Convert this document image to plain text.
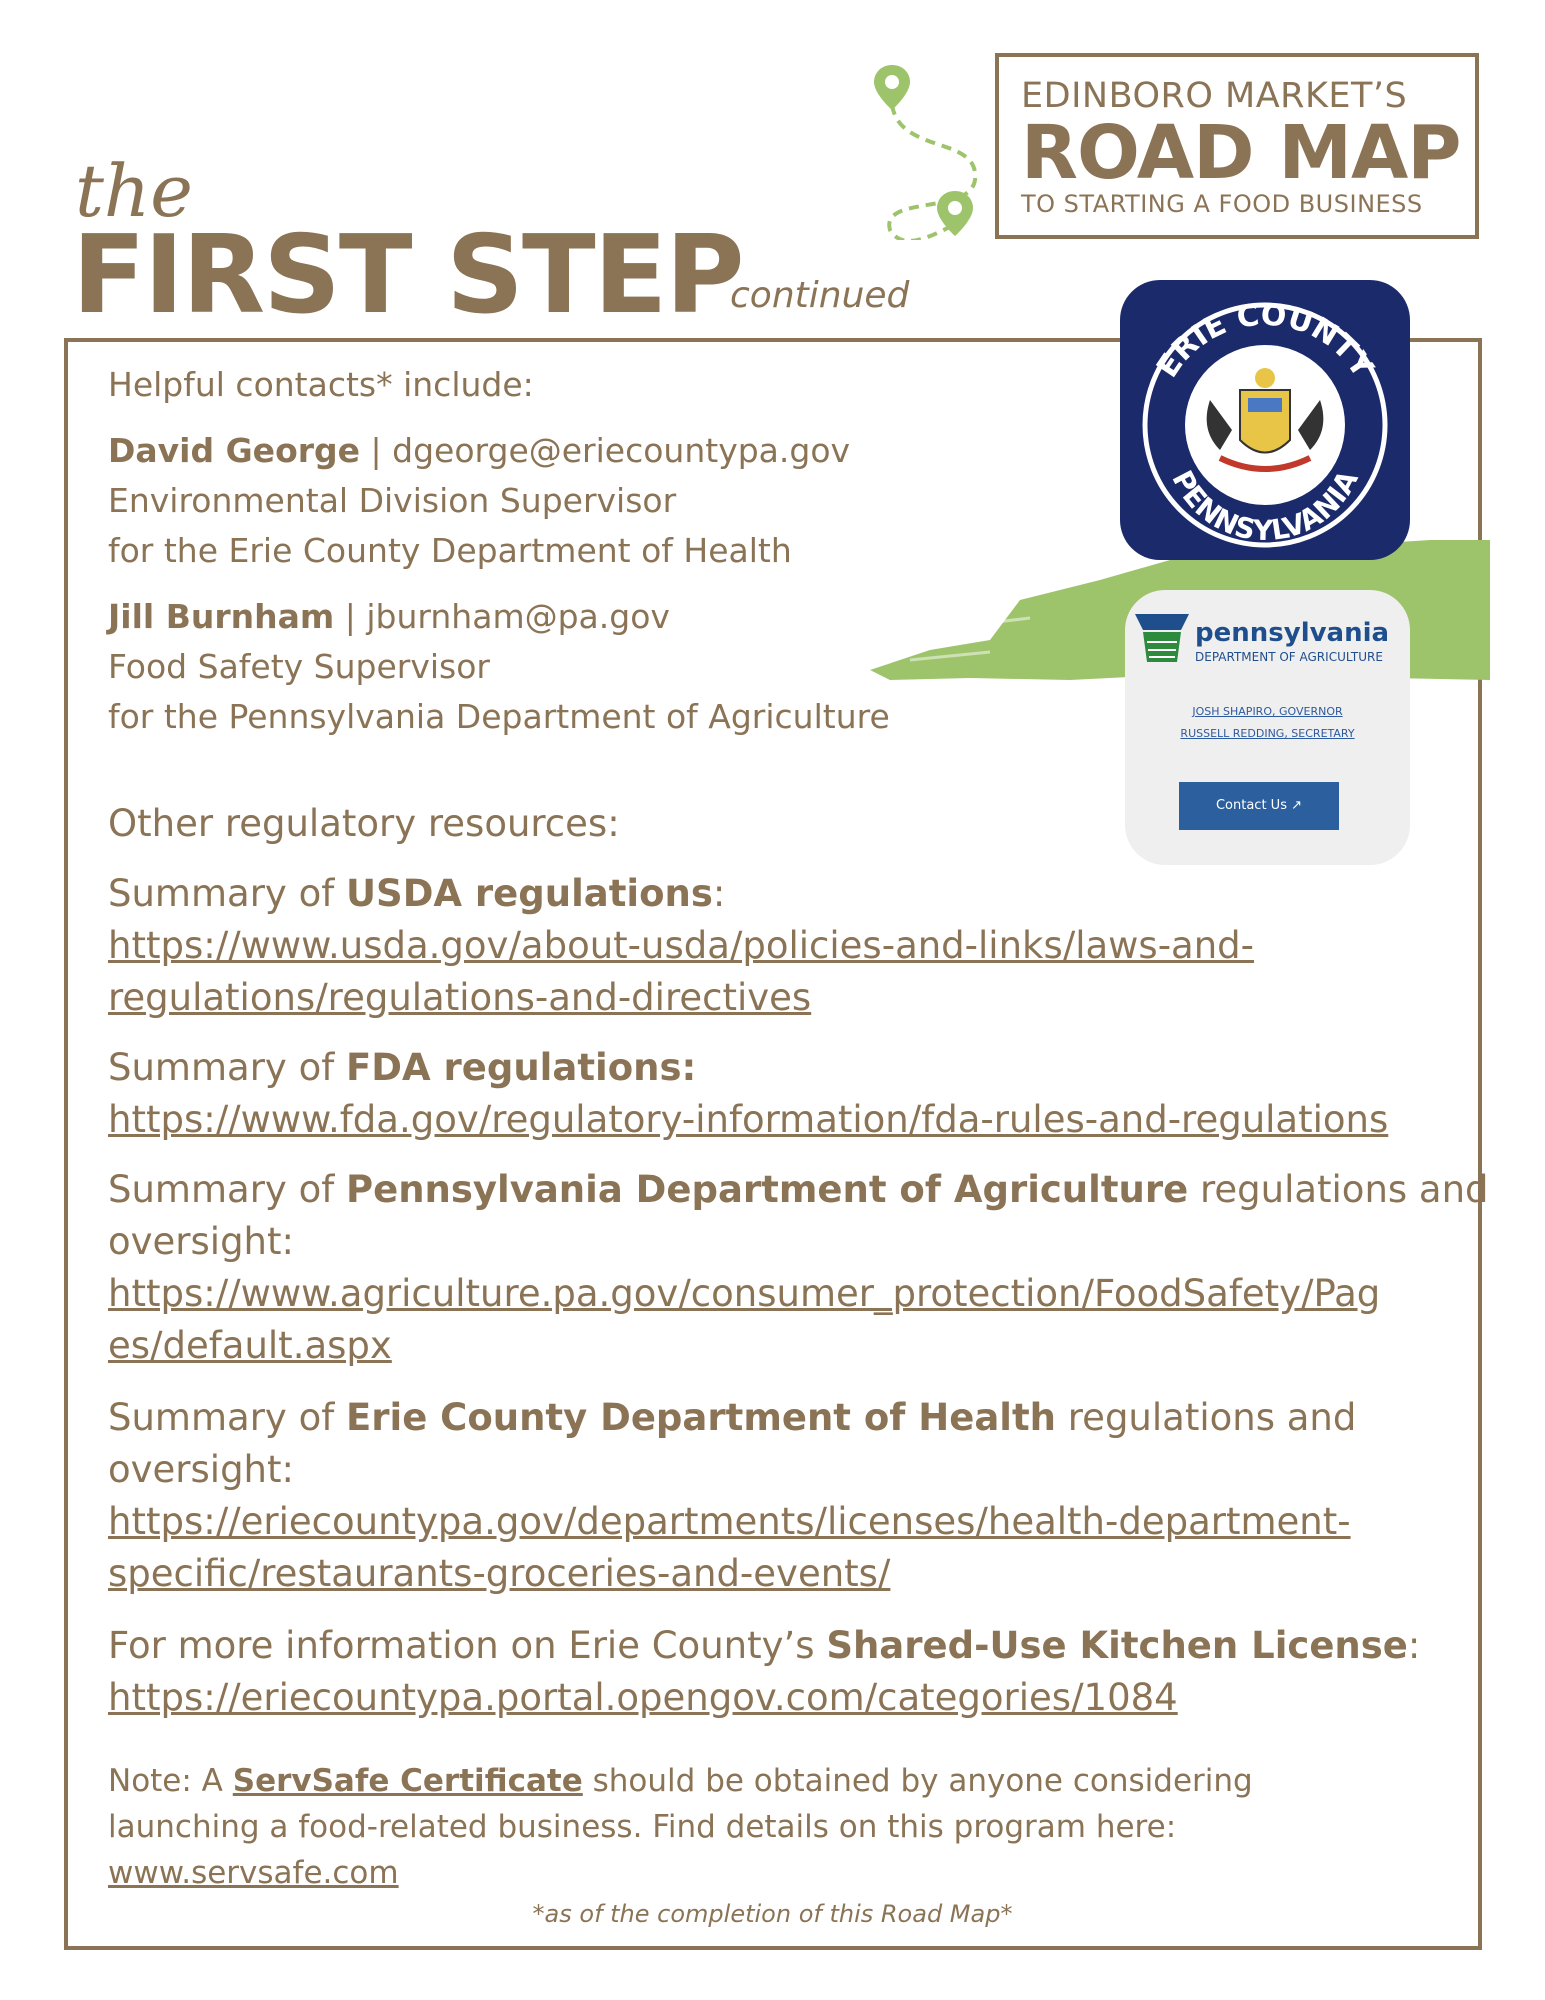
the
FIRST STEP
continued
EDINBORO MARKET’S
ROAD MAP
TO STARTING A FOOD BUSINESS
ERIE COUNTY
PENNSYLVANIA
pennsylvania
DEPARTMENT OF AGRICULTURE
JOSH SHAPIRO, GOVERNOR
RUSSELL REDDING, SECRETARY
Contact Us ↗
Helpful contacts* include:
David George | dgeorge@eriecountypa.gov
Environmental Division Supervisor
for the Erie County Department of Health
Jill Burnham | jburnham@pa.gov
Food Safety Supervisor
for the Pennsylvania Department of Agriculture
Other regulatory resources:
Summary of USDA regulations:
https://www.usda.gov/about-usda/policies-and-links/laws-and-
regulations/regulations-and-directives
Summary of FDA regulations:
https://www.fda.gov/regulatory-information/fda-rules-and-regulations
Summary of Pennsylvania Department of Agriculture regulations and
oversight:
https://www.agriculture.pa.gov/consumer_protection/FoodSafety/Pag
es/default.aspx
Summary of Erie County Department of Health regulations and
oversight:
https://eriecountypa.gov/departments/licenses/health-department-
specific/restaurants-groceries-and-events/
For more information on Erie County’s Shared-Use Kitchen License:
https://eriecountypa.portal.opengov.com/categories/1084
Note: A ServSafe Certificate should be obtained by anyone considering
launching a food-related business. Find details on this program here:
www.servsafe.com
*as of the completion of this Road Map*
